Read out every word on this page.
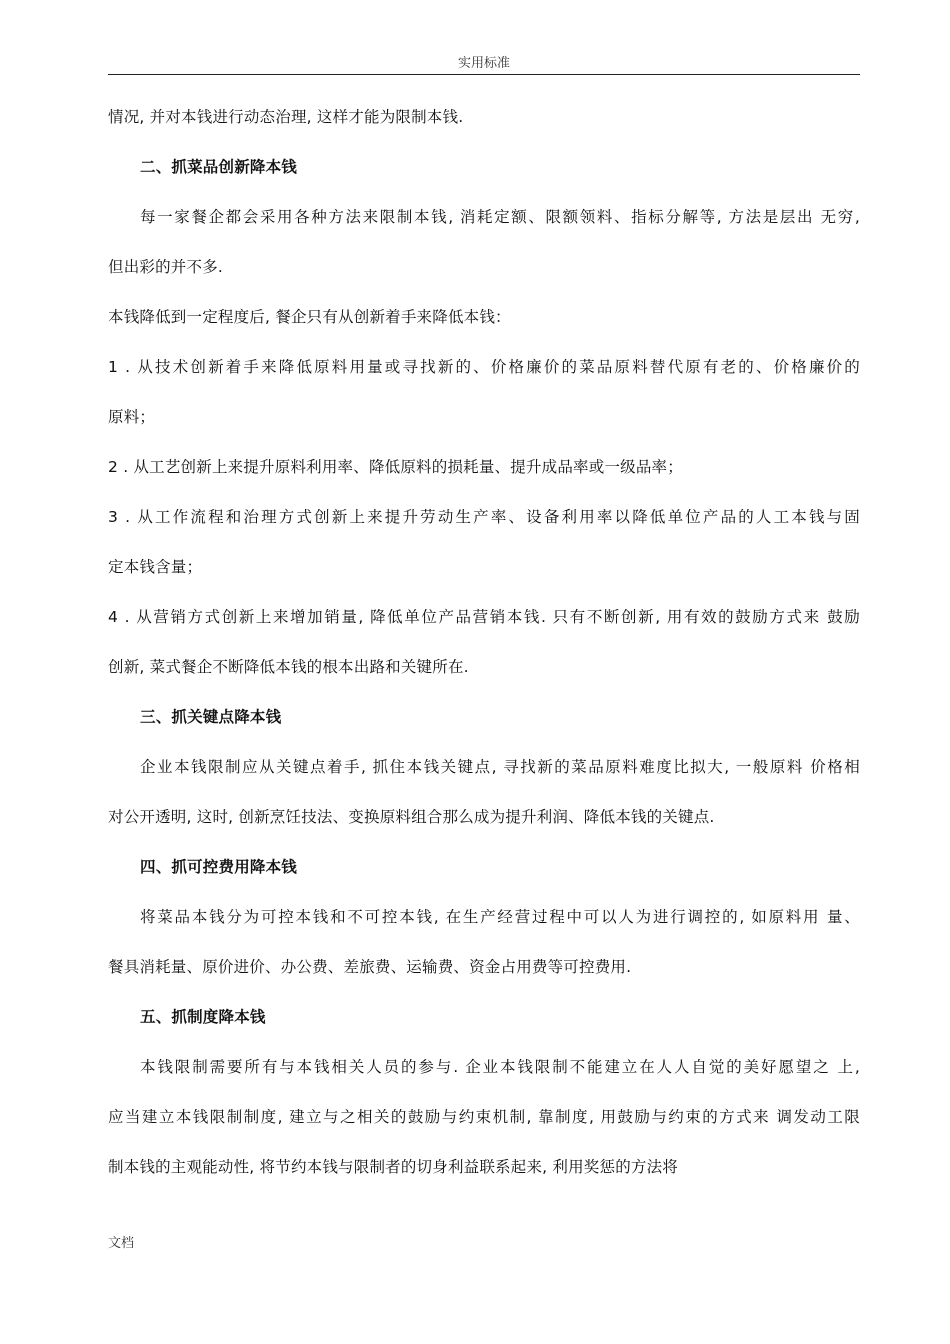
实用标准

情况, 并对本钱进行动态治理, 这样才能为限制本钱.

二、抓菜品创新降本钱

每一家餐企都会采用各种方法来限制本钱, 消耗定额、限额领料、指标分解等, 方法是层出 无穷,

但出彩的并不多.

本钱降低到一定程度后, 餐企只有从创新着手来降低本钱：

1 . 从技术创新着手来降低原料用量或寻找新的、价格廉价的菜品原料替代原有老的、价格廉价的

原料；

2 . 从工艺创新上来提升原料利用率、降低原料的损耗量、提升成品率或一级品率；

3 . 从工作流程和治理方式创新上来提升劳动生产率、设备利用率以降低单位产品的人工本钱与固

定本钱含量；

4 . 从营销方式创新上来增加销量, 降低单位产品营销本钱. 只有不断创新, 用有效的鼓励方式来 鼓励

创新, 菜式餐企不断降低本钱的根本出路和关键所在.

三、抓关键点降本钱

企业本钱限制应从关键点着手, 抓住本钱关键点, 寻找新的菜品原料难度比拟大, 一般原料 价格相

对公开透明, 这时, 创新烹饪技法、变换原料组合那么成为提升利润、降低本钱的关键点.

四、抓可控费用降本钱

将菜品本钱分为可控本钱和不可控本钱, 在生产经营过程中可以人为进行调控的, 如原料用 量、

餐具消耗量、原价进价、办公费、差旅费、运输费、资金占用费等可控费用.

五、抓制度降本钱

本钱限制需要所有与本钱相关人员的参与. 企业本钱限制不能建立在人人自觉的美好愿望之 上,

应当建立本钱限制制度, 建立与之相关的鼓励与约束机制, 靠制度, 用鼓励与约束的方式来 调发动工限

制本钱的主观能动性, 将节约本钱与限制者的切身利益联系起来, 利用奖惩的方法将

文档
